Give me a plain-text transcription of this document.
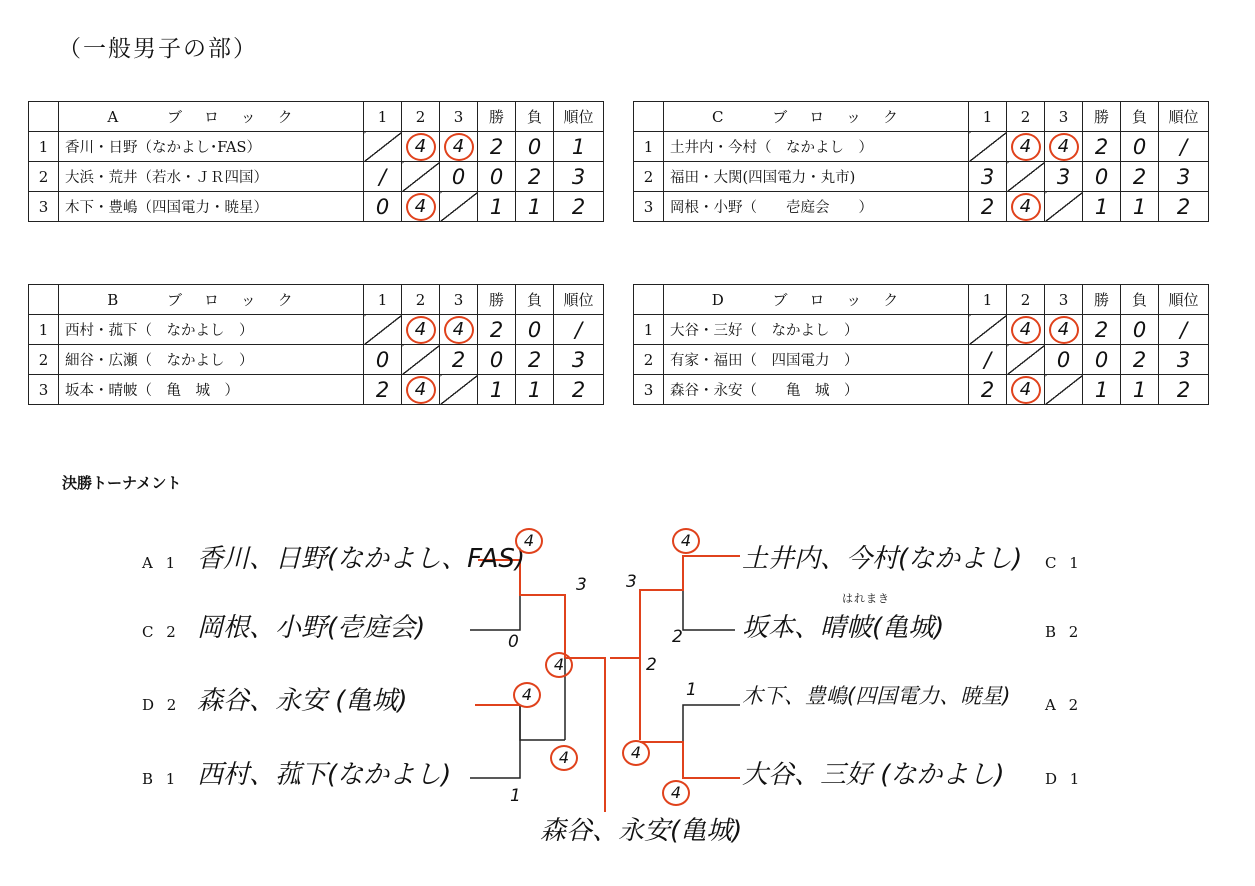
（一般男子の部）
	A ブロック	1	2	3	勝	負	順位
1	香川・日野（なかよし･FAS）		4	4	2	0	1
2	大浜・荒井（若水・ＪＲ四国）	/		0	0	2	3
3	木下・豊嶋（四国電力・暁星）	0	4		1	1	2
	C ブロック	1	2	3	勝	負	順位
1	土井内・今村（　なかよし　）		4	4	2	0	/
2	福田・大関(四国電力・丸市)	3		3	0	2	3
3	岡根・小野（　　壱庭会　　）	2	4		1	1	2
	B ブロック	1	2	3	勝	負	順位
1	西村・菰下（　なかよし　）		4	4	2	0	/
2	細谷・広瀬（　なかよし　）	0		2	0	2	3
3	坂本・晴帔（　亀　城　）	2	4		1	1	2
	D ブロック	1	2	3	勝	負	順位
1	大谷・三好（　なかよし　）		4	4	2	0	/
2	有家・福田（　四国電力　）	/		0	0	2	3
3	森谷・永安（　　亀　城　）	2	4		1	1	2
決勝トーナメント
A 1 香川、日野(なかよし、FAS)
C 2 岡根、小野(壱庭会)
D 2 森谷、永安 (亀城)
B 1 西村、菰下(なかよし)
土井内、今村(なかよし) C 1
坂本、晴帔(亀城)	B 2
木下、豊嶋(四国電力、暁星) A 2
大谷、三好 (なかよし)	D 1
はれまき
4
0
4
1
3
4
4	2
4
2
1
4
3
4
森谷、永安(亀城)
